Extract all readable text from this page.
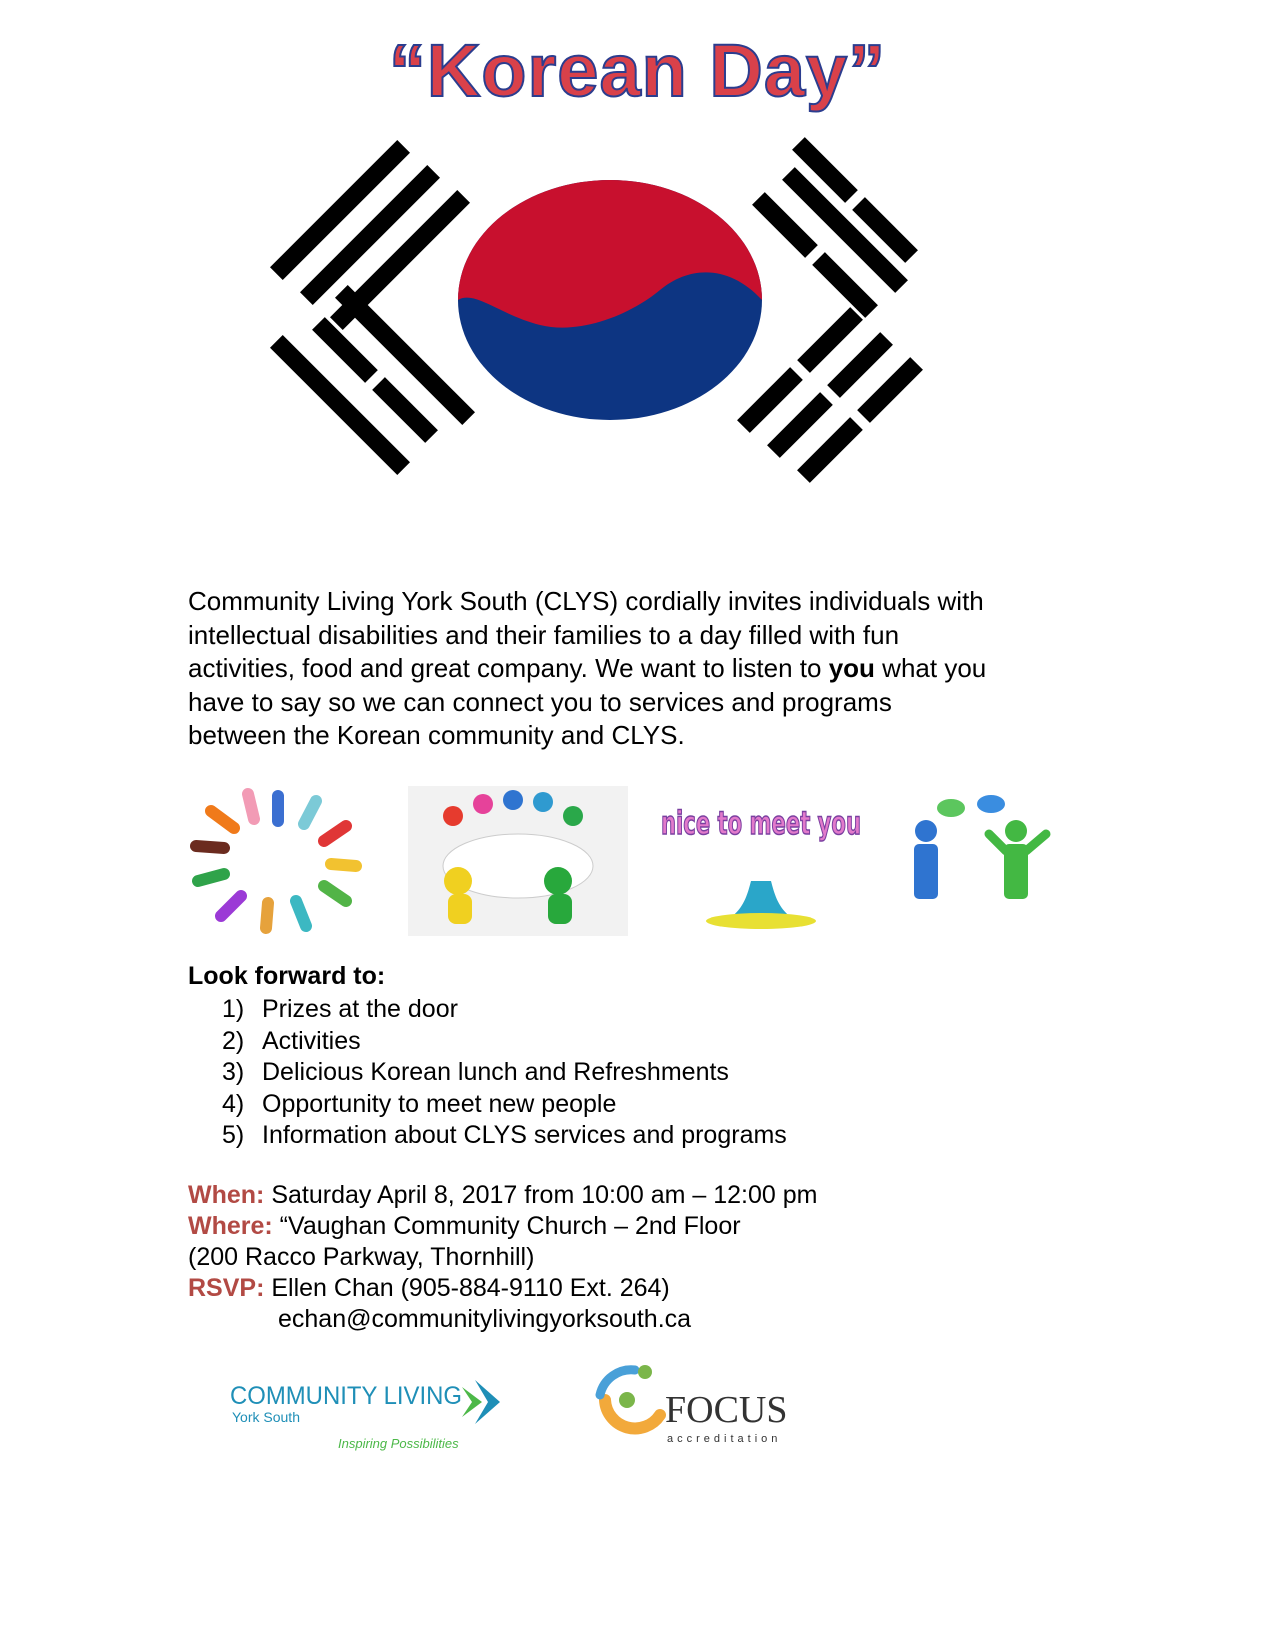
“Korean Day”
Community Living York South (CLYS) cordially invites individuals with
intellectual disabilities and their families to a day filled with fun
activities, food and great company. We want to listen to you what you
have to say so we can connect you to services and programs
between the Korean community and CLYS.
nice to meet you
Look forward to:
1) Prizes at the door
2) Activities
3) Delicious Korean lunch and Refreshments
4) Opportunity to meet new people
5) Information about CLYS services and programs
When: Saturday April 8, 2017 from 10:00 am – 12:00 pm
Where: “Vaughan Community Church – 2nd Floor
(200 Racco Parkway, Thornhill)
RSVP: Ellen Chan (905-884-9110 Ext. 264)
echan@communitylivingyorksouth.ca
COMMUNITY LIVING
York South
Inspiring Possibilities
FOCUS
accreditation
